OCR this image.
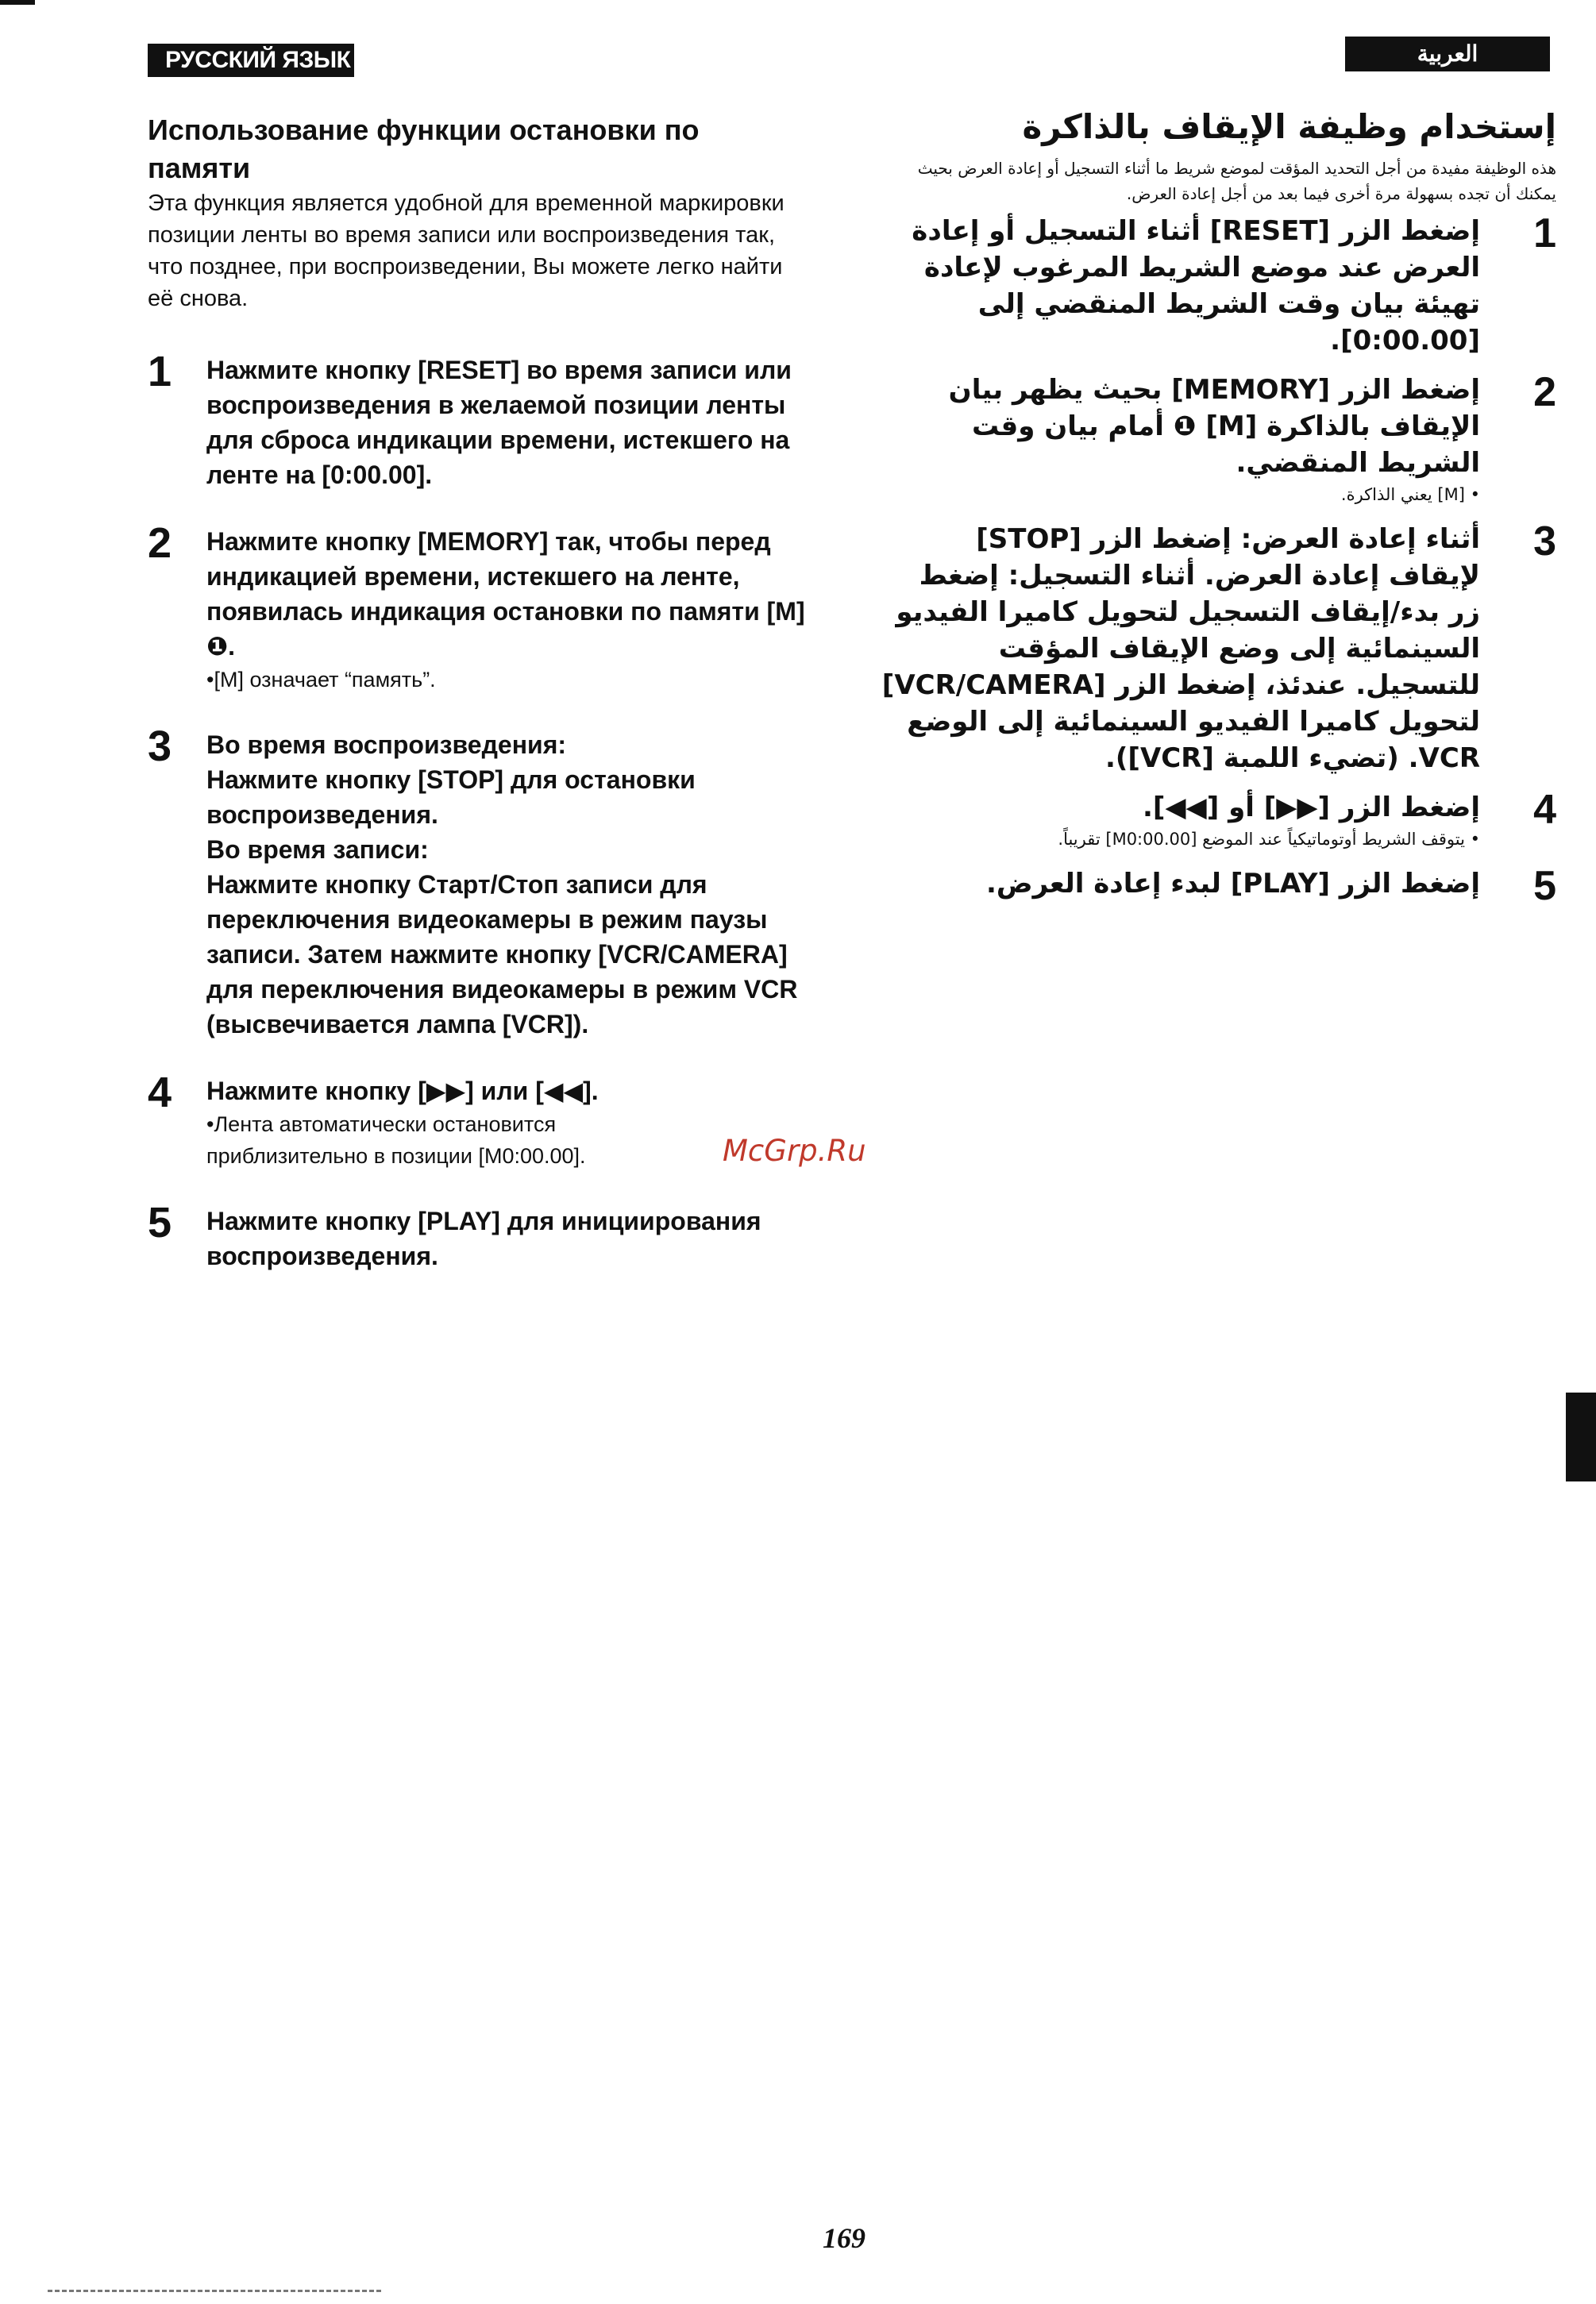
РУССКИЙ ЯЗЫК	العربية
Использование функции остановки по памяти

Эта функция является удобной для временной маркировки позиции ленты во время записи или воспроизведения так, что позднее, при воспроизведении, Вы можете легко найти её снова.

1 Нажмите кнопку [RESET] во время записи или воспроизведения в желаемой позиции ленты для сброса индикации времени, истекшего на ленте на [0:00.00].
2 Нажмите кнопку [MEMORY] так, чтобы перед индикацией времени, истекшего на ленте, появилась индикация остановки по памяти [M] ❶.
•[M] означает “память”.
3 Во время воспроизведения:
Нажмите кнопку [STOP] для остановки воспроизведения.
Во время записи:
Нажмите кнопку Старт/Стоп записи для переключения видеокамеры в режим паузы записи. Затем нажмите кнопку [VCR/CAMERA] для переключения видеокамеры в режим VCR (высвечивается лампа [VCR]).
4 Нажмите кнопку [▶▶] или [◀◀].
•Лента автоматически остановится
приблизительно в позиции [M0:00.00].
5 Нажмите кнопку [PLAY] для инициирования воспроизведения.
إستخدام وظيفة الإيقاف بالذاكرة

هذه الوظيفة مفيدة من أجل التحديد المؤقت لموضع شريط ما أثناء التسجيل أو إعادة العرض بحيث يمكنك أن تجده بسهولة مرة أخرى فيما بعد من أجل إعادة العرض.

1
إضغط الزر [RESET] أثناء التسجيل أو إعادة العرض عند موضع الشريط المرغوب لإعادة تهيئة بيان وقت الشريط المنقضي إلى [0:00.00].
2
إضغط الزر [MEMORY] بحيث يظهر بيان الإيقاف بالذاكرة [M] ❶ أمام بيان وقت الشريط المنقضي.
• [M] يعني الذاكرة.
3
أثناء إعادة العرض: إضغط الزر [STOP] لإيقاف إعادة العرض. أثناء التسجيل: إضغط زر بدء/إيقاف التسجيل لتحويل كاميرا الفيديو السينمائية إلى وضع الإيقاف المؤقت للتسجيل. عندئذ، إضغط الزر [VCR/CAMERA] لتحويل كاميرا الفيديو السينمائية إلى الوضع VCR. (تضيء اللمبة [VCR]).
4
إضغط الزر [▶▶] أو [◀◀].
• يتوقف الشريط أوتوماتيكياً عند الموضع [M0:00.00] تقريباً.
5
إضغط الزر [PLAY] لبدء إعادة العرض.
McGrp.Ru
169
